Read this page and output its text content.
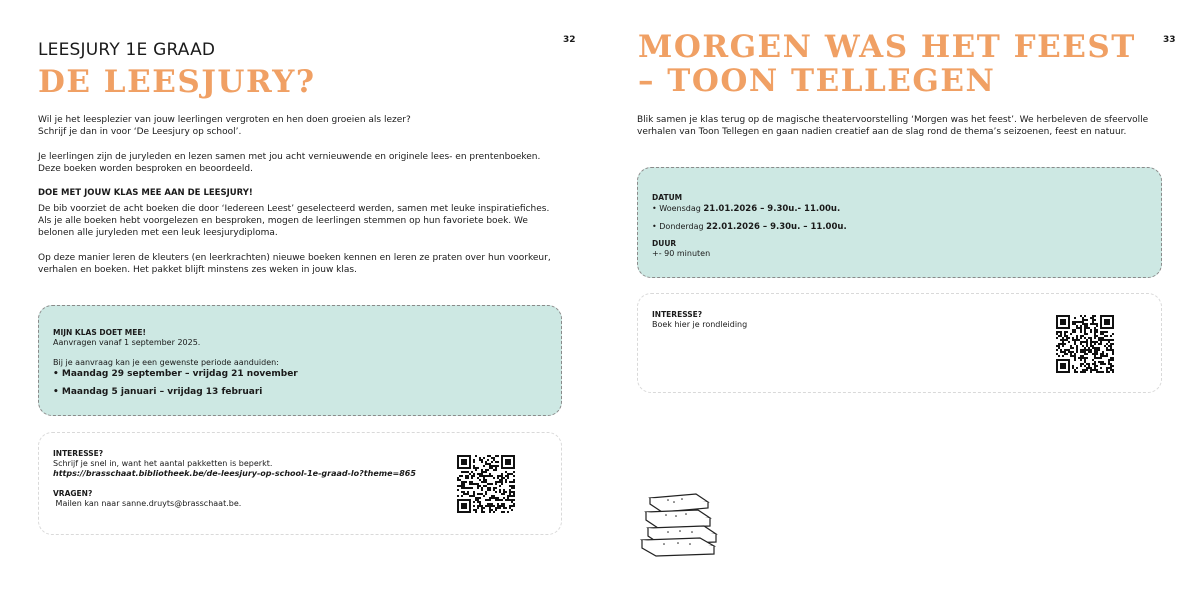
32
LEESJURY 1E GRAAD
DE LEESJURY?
Wil je het leesplezier van jouw leerlingen vergroten en hen doen groeien als lezer?
Schrijf je dan in voor ‘De Leesjury op school’.
Je leerlingen zijn de juryleden en lezen samen met jou acht vernieuwende en originele lees- en prentenboeken.
Deze boeken worden besproken en beoordeeld.
DOE MET JOUW KLAS MEE AAN DE LEESJURY!
De bib voorziet de acht boeken die door ‘Iedereen Leest’ geselecteerd werden, samen met leuke inspiratiefiches.
Als je alle boeken hebt voorgelezen en besproken, mogen de leerlingen stemmen op hun favoriete boek. We
belonen alle juryleden met een leuk leesjurydiploma.
Op deze manier leren de kleuters (en leerkrachten) nieuwe boeken kennen en leren ze praten over hun voorkeur,
verhalen en boeken. Het pakket blijft minstens zes weken in jouw klas.
MIJN KLAS DOET MEE!
Aanvragen vanaf 1 september 2025.
Bij je aanvraag kan je een gewenste periode aanduiden:
• Maandag 29 september – vrijdag 21 november
• Maandag 5 januari – vrijdag 13 februari
INTERESSE?
Schrijf je snel in, want het aantal pakketten is beperkt.
https://brasschaat.bibliotheek.be/de-leesjury-op-school-1e-graad-lo?theme=865
VRAGEN?
Mailen kan naar sanne.druyts@brasschaat.be.
33
MORGEN WAS HET FEEST
– TOON TELLEGEN
Blik samen je klas terug op de magische theatervoorstelling ‘Morgen was het feest’. We herbeleven de sfeervolle
verhalen van Toon Tellegen en gaan nadien creatief aan de slag rond de thema’s seizoenen, feest en natuur.
DATUM
• Woensdag 21.01.2026 – 9.30u.- 11.00u.
• Donderdag 22.01.2026 – 9.30u. – 11.00u.
DUUR
+- 90 minuten
INTERESSE?
Boek hier je rondleiding
